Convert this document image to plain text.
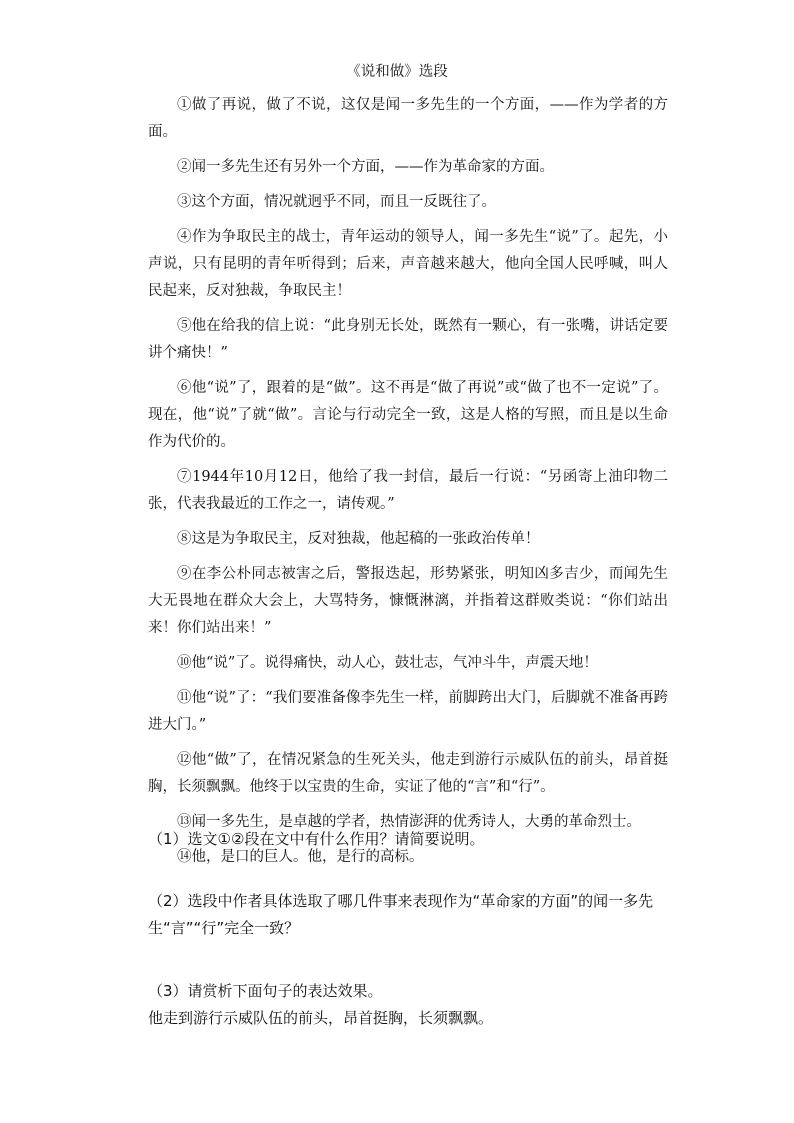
《说和做》选段

①做了再说，做了不说，这仅是闻一多先生的一个方面，——作为学者的方面。

②闻一多先生还有另外一个方面，——作为革命家的方面。

③这个方面，情况就迥乎不同，而且一反既往了。

④作为争取民主的战士，青年运动的领导人，闻一多先生“说”了。起先，小声说，只有昆明的青年听得到；后来，声音越来越大，他向全国人民呼喊，叫人民起来，反对独裁，争取民主！

⑤他在给我的信上说：“此身别无长处，既然有一颗心，有一张嘴，讲话定要讲个痛快！”

⑥他“说”了，跟着的是“做”。这不再是“做了再说”或“做了也不一定说”了。现在，他“说”了就“做”。言论与行动完全一致，这是人格的写照，而且是以生命作为代价的。

⑦1944年10月12日，他给了我一封信，最后一行说：“另函寄上油印物二张，代表我最近的工作之一，请传观。”

⑧这是为争取民主，反对独裁，他起稿的一张政治传单！

⑨在李公朴同志被害之后，警报迭起，形势紧张，明知凶多吉少，而闻先生大无畏地在群众大会上，大骂特务，慷慨淋漓，并指着这群败类说：“你们站出来！你们站出来！”

⑩他“说”了。说得痛快，动人心，鼓壮志，气冲斗牛，声震天地！

⑪他“说”了：“我们要准备像李先生一样，前脚跨出大门，后脚就不准备再跨进大门。”

⑫他“做”了，在情况紧急的生死关头，他走到游行示威队伍的前头，昂首挺胸，长须飘飘。他终于以宝贵的生命，实证了他的“言”和“行”。

⑬闻一多先生，是卓越的学者，热情澎湃的优秀诗人，大勇的革命烈士。

⑭他，是口的巨人。他，是行的高标。

（1）选文①②段在文中有什么作用？请简要说明。

（2）选段中作者具体选取了哪几件事来表现作为“革命家的方面”的闻一多先生“言”“行”完全一致？

（3）请赏析下面句子的表达效果。

他走到游行示威队伍的前头，昂首挺胸，长须飘飘。
